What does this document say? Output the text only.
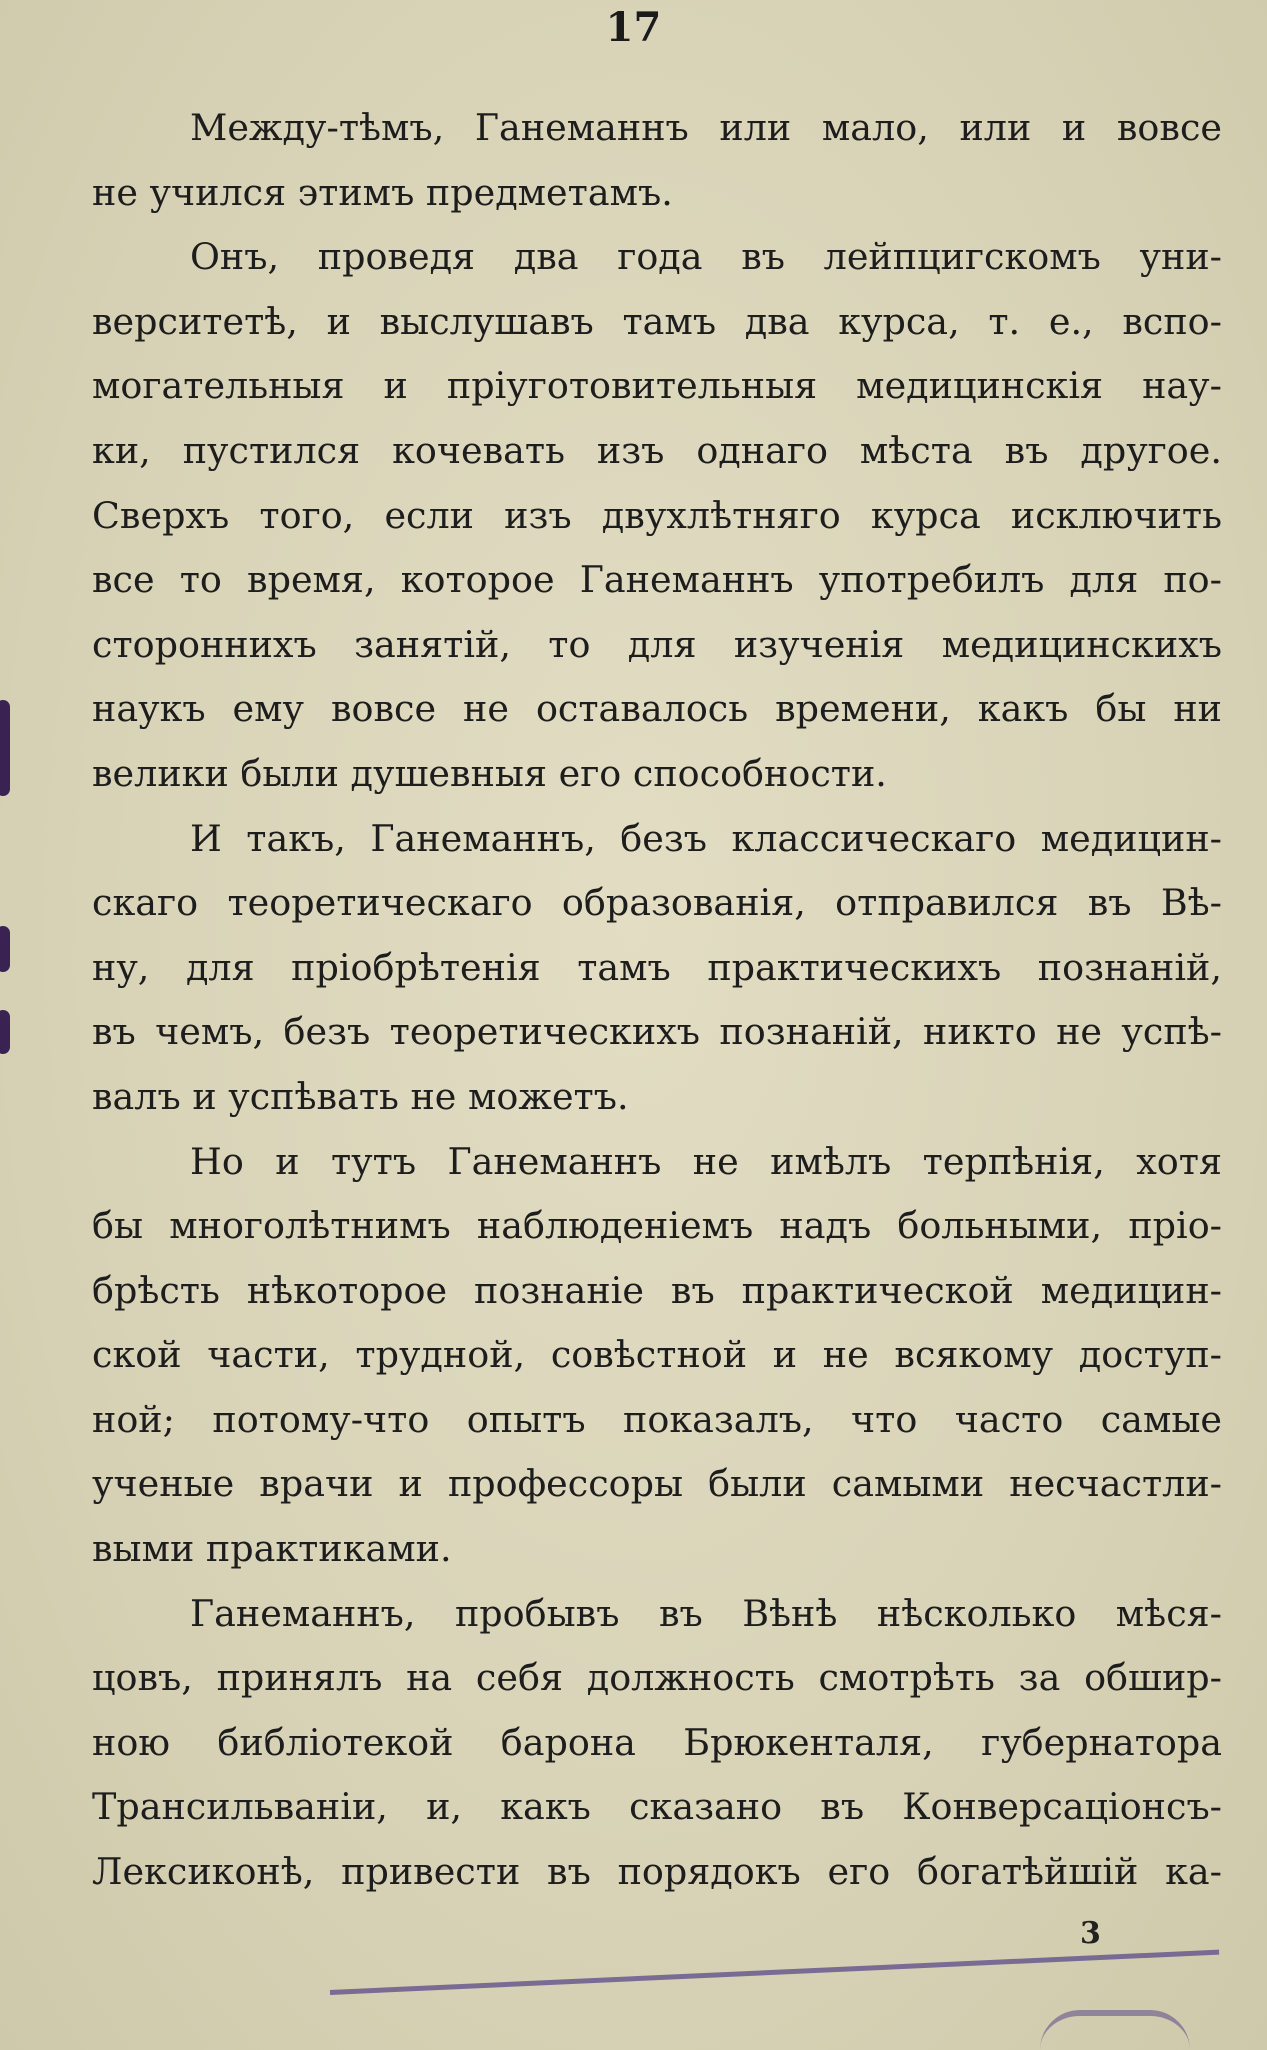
17
Между-тѣмъ, Ганеманнъ или мало, или и вовсе
не учился этимъ предметамъ.
Онъ, проведя два года въ лейпцигскомъ уни-
верситетѣ, и выслушавъ тамъ два курса, т. е., вспо-
могательныя и пріуготовительныя медицинскія нау-
ки, пустился кочевать изъ однаго мѣста въ другое.
Сверхъ того, если изъ двухлѣтняго курса исключить
все то время, которое Ганеманнъ употребилъ для по-
стороннихъ занятій, то для изученія медицинскихъ
наукъ ему вовсе не оставалось времени, какъ бы ни
велики были душевныя его способности.
И такъ, Ганеманнъ, безъ классическаго медицин-
скаго теоретическаго образованія, отправился въ Вѣ-
ну, для пріобрѣтенія тамъ практическихъ познаній,
въ чемъ, безъ теоретическихъ познаній, никто не успѣ-
валъ и успѣвать не можетъ.
Но и тутъ Ганеманнъ не имѣлъ терпѣнія, хотя
бы многолѣтнимъ наблюденіемъ надъ больными, пріо-
брѣсть нѣкоторое познаніе въ практической медицин-
ской части, трудной, совѣстной и не всякому доступ-
ной; потому-что опытъ показалъ, что часто самые
ученые врачи и профессоры были самыми несчастли-
выми практиками.
Ганеманнъ, пробывъ въ Вѣнѣ нѣсколько мѣся-
цовъ, принялъ на себя должность смотрѣть за обшир-
ною библіотекой барона Брюкенталя, губернатора
Трансильваніи, и, какъ сказано въ Конверсаціонсъ-
Лексиконѣ, привести въ порядокъ его богатѣйшій ка-
3
